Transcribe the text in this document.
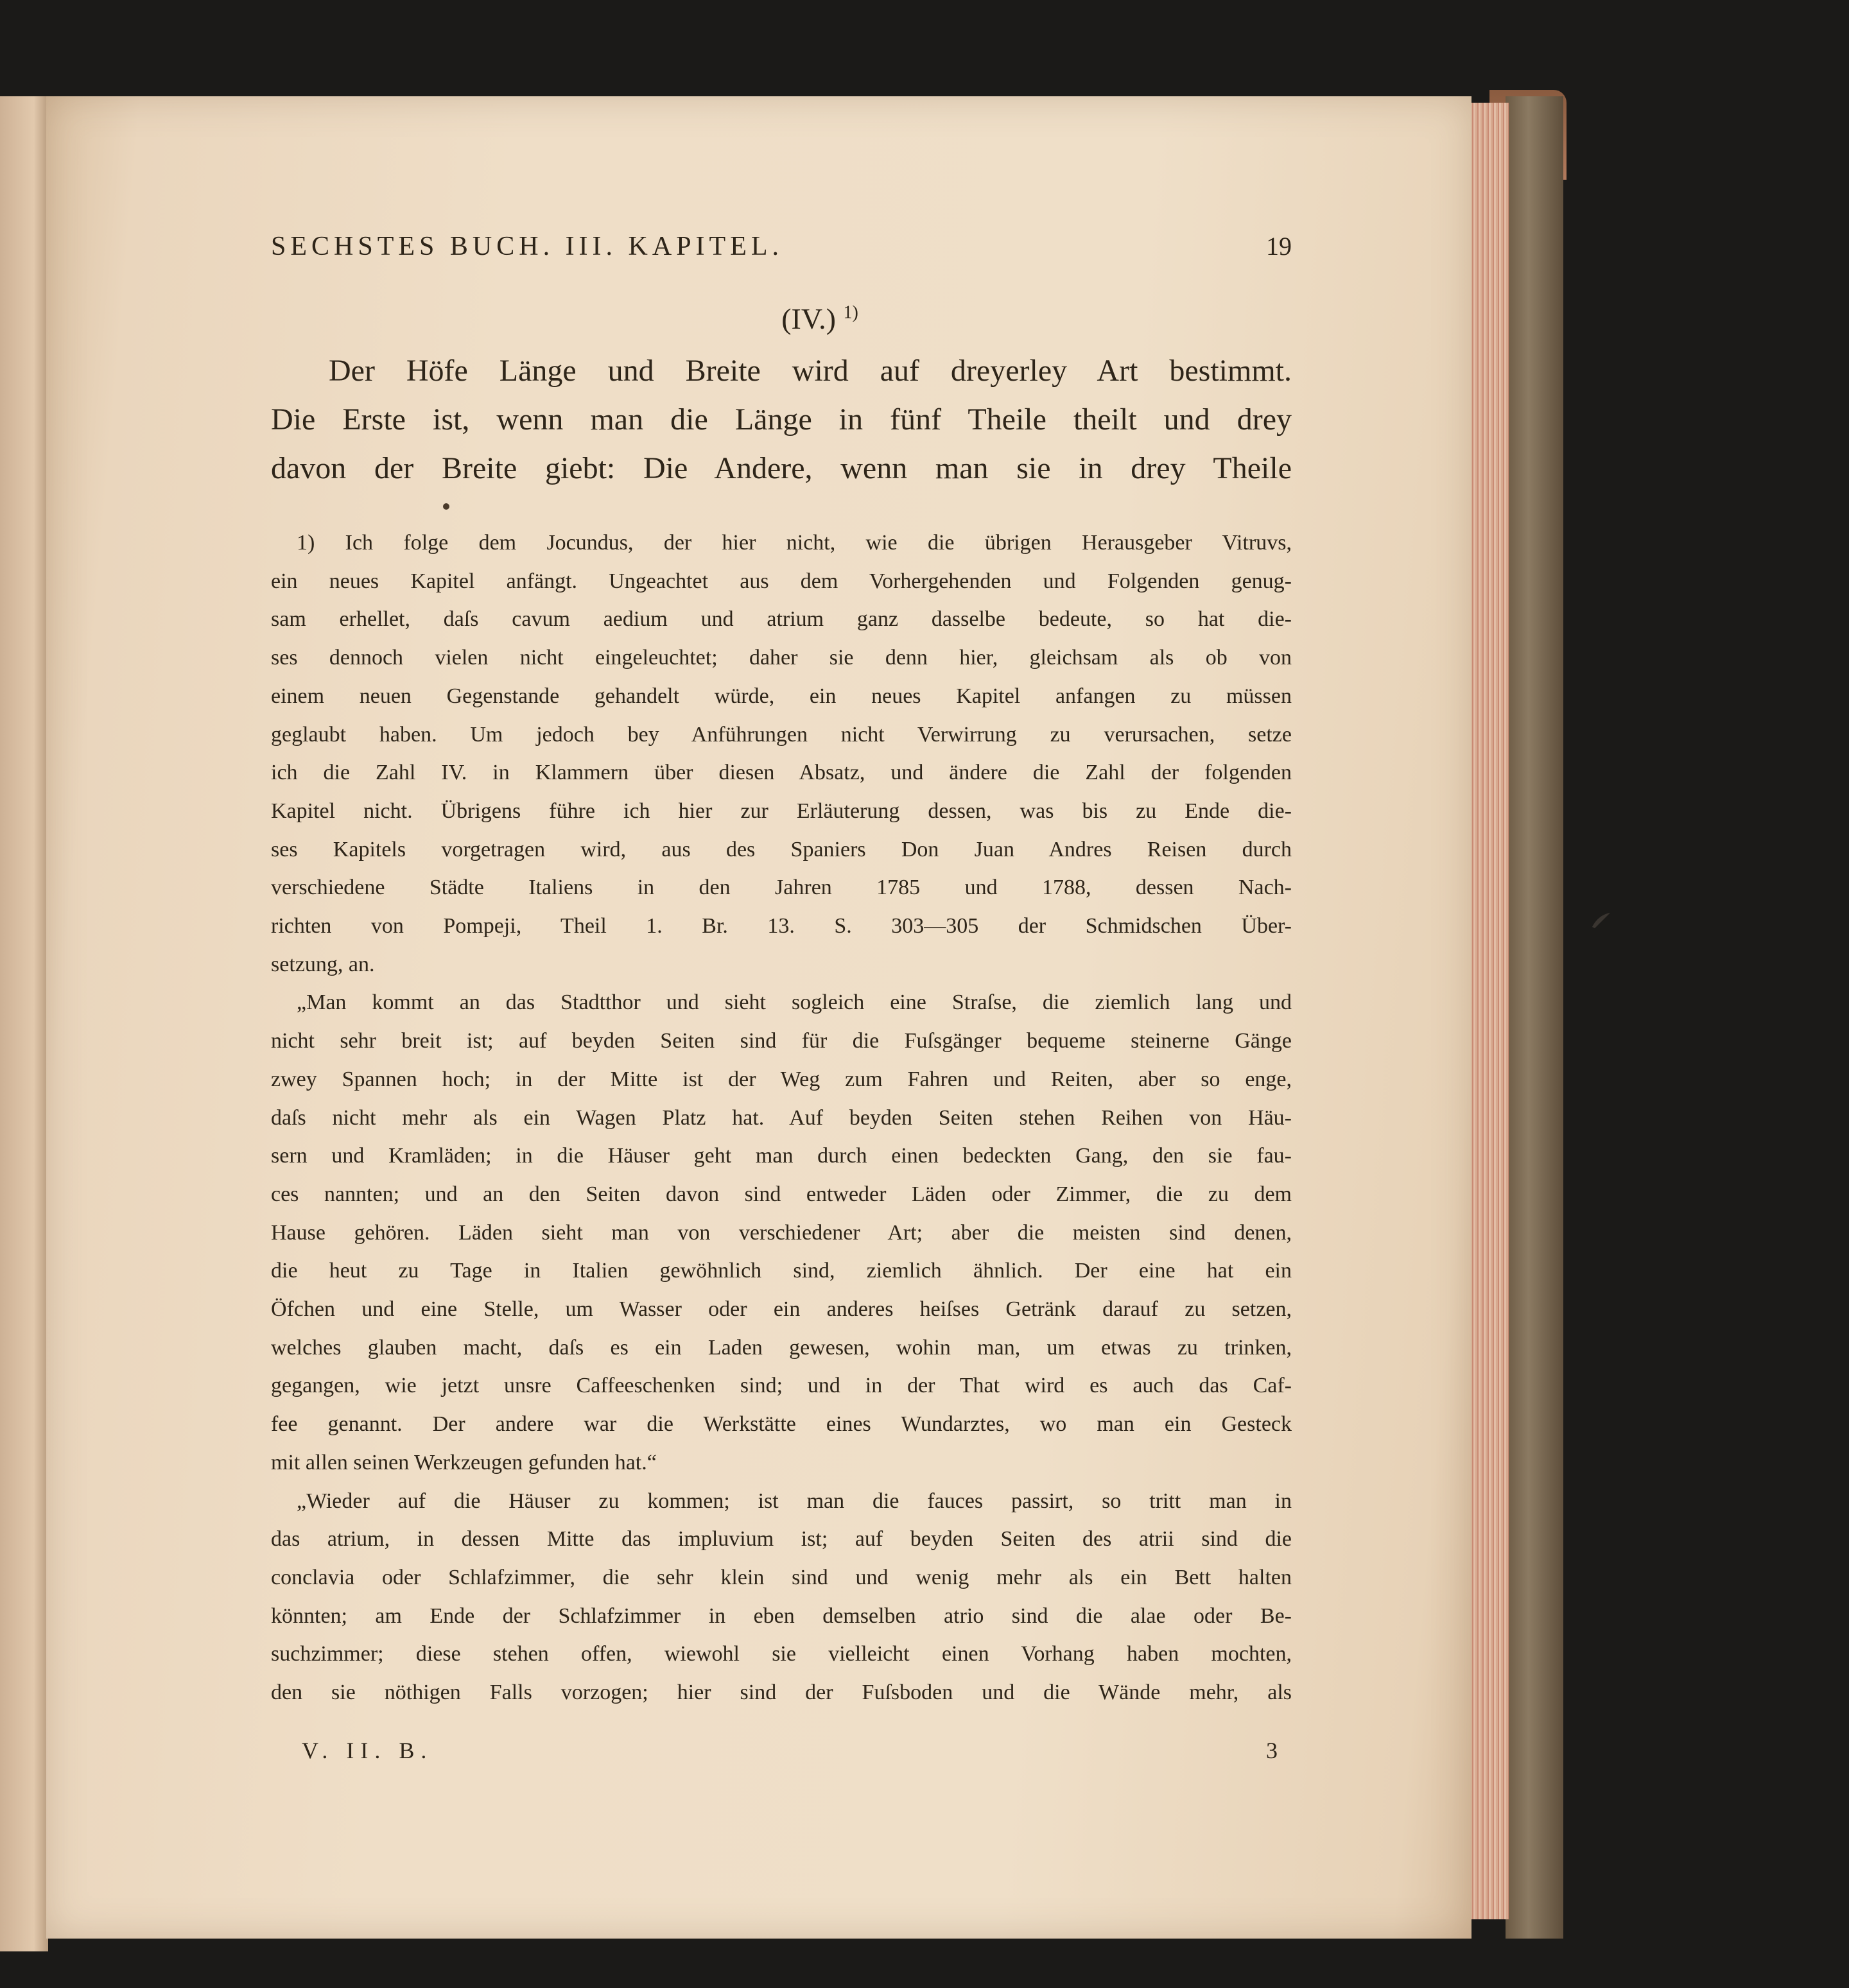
SECHSTES BUCH. III. KAPITEL.	19
(IV.) $^{1)}$
Der Höfe Länge und Breite wird auf dreyerley Art bestimmt.
Die Erste ist, wenn man die Länge in fünf Theile theilt und drey
davon der Breite giebt: Die Andere, wenn man sie in drey Theile
1) Ich folge dem Jocundus, der hier nicht, wie die übrigen Herausgeber Vitruvs,
ein neues Kapitel anfängt. Ungeachtet aus dem Vorhergehenden und Folgenden genug-
sam erhellet, daſs cavum aedium und atrium ganz dasselbe bedeute, so hat die-
ses dennoch vielen nicht eingeleuchtet; daher sie denn hier, gleichsam als ob von
einem neuen Gegenstande gehandelt würde, ein neues Kapitel anfangen zu müssen
geglaubt haben. Um jedoch bey Anführungen nicht Verwirrung zu verursachen, setze
ich die Zahl IV. in Klammern über diesen Absatz, und ändere die Zahl der folgenden
Kapitel nicht. Übrigens führe ich hier zur Erläuterung dessen, was bis zu Ende die-
ses Kapitels vorgetragen wird, aus des Spaniers Don Juan Andres Reisen durch
verschiedene Städte Italiens in den Jahren 1785 und 1788, dessen Nach-
richten von Pompeji, Theil 1. Br. 13. S. 303—305 der Schmidschen Über-
setzung, an.
„Man kommt an das Stadtthor und sieht sogleich eine Straſse, die ziemlich lang und
nicht sehr breit ist; auf beyden Seiten sind für die Fuſsgänger bequeme steinerne Gänge
zwey Spannen hoch; in der Mitte ist der Weg zum Fahren und Reiten, aber so enge,
daſs nicht mehr als ein Wagen Platz hat. Auf beyden Seiten stehen Reihen von Häu-
sern und Kramläden; in die Häuser geht man durch einen bedeckten Gang, den sie fau-
ces nannten; und an den Seiten davon sind entweder Läden oder Zimmer, die zu dem
Hause gehören. Läden sieht man von verschiedener Art; aber die meisten sind denen,
die heut zu Tage in Italien gewöhnlich sind, ziemlich ähnlich. Der eine hat ein
Öfchen und eine Stelle, um Wasser oder ein anderes heiſses Getränk darauf zu setzen,
welches glauben macht, daſs es ein Laden gewesen, wohin man, um etwas zu trinken,
gegangen, wie jetzt unsre Caffeeschenken sind; und in der That wird es auch das Caf-
fee genannt. Der andere war die Werkstätte eines Wundarztes, wo man ein Gesteck
mit allen seinen Werkzeugen gefunden hat.“
„Wieder auf die Häuser zu kommen; ist man die fauces passirt, so tritt man in
das atrium, in dessen Mitte das impluvium ist; auf beyden Seiten des atrii sind die
conclavia oder Schlafzimmer, die sehr klein sind und wenig mehr als ein Bett halten
könnten; am Ende der Schlafzimmer in eben demselben atrio sind die alae oder Be-
suchzimmer; diese stehen offen, wiewohl sie vielleicht einen Vorhang haben mochten,
den sie nöthigen Falls vorzogen; hier sind der Fuſsboden und die Wände mehr, als
V. II. B.	3
